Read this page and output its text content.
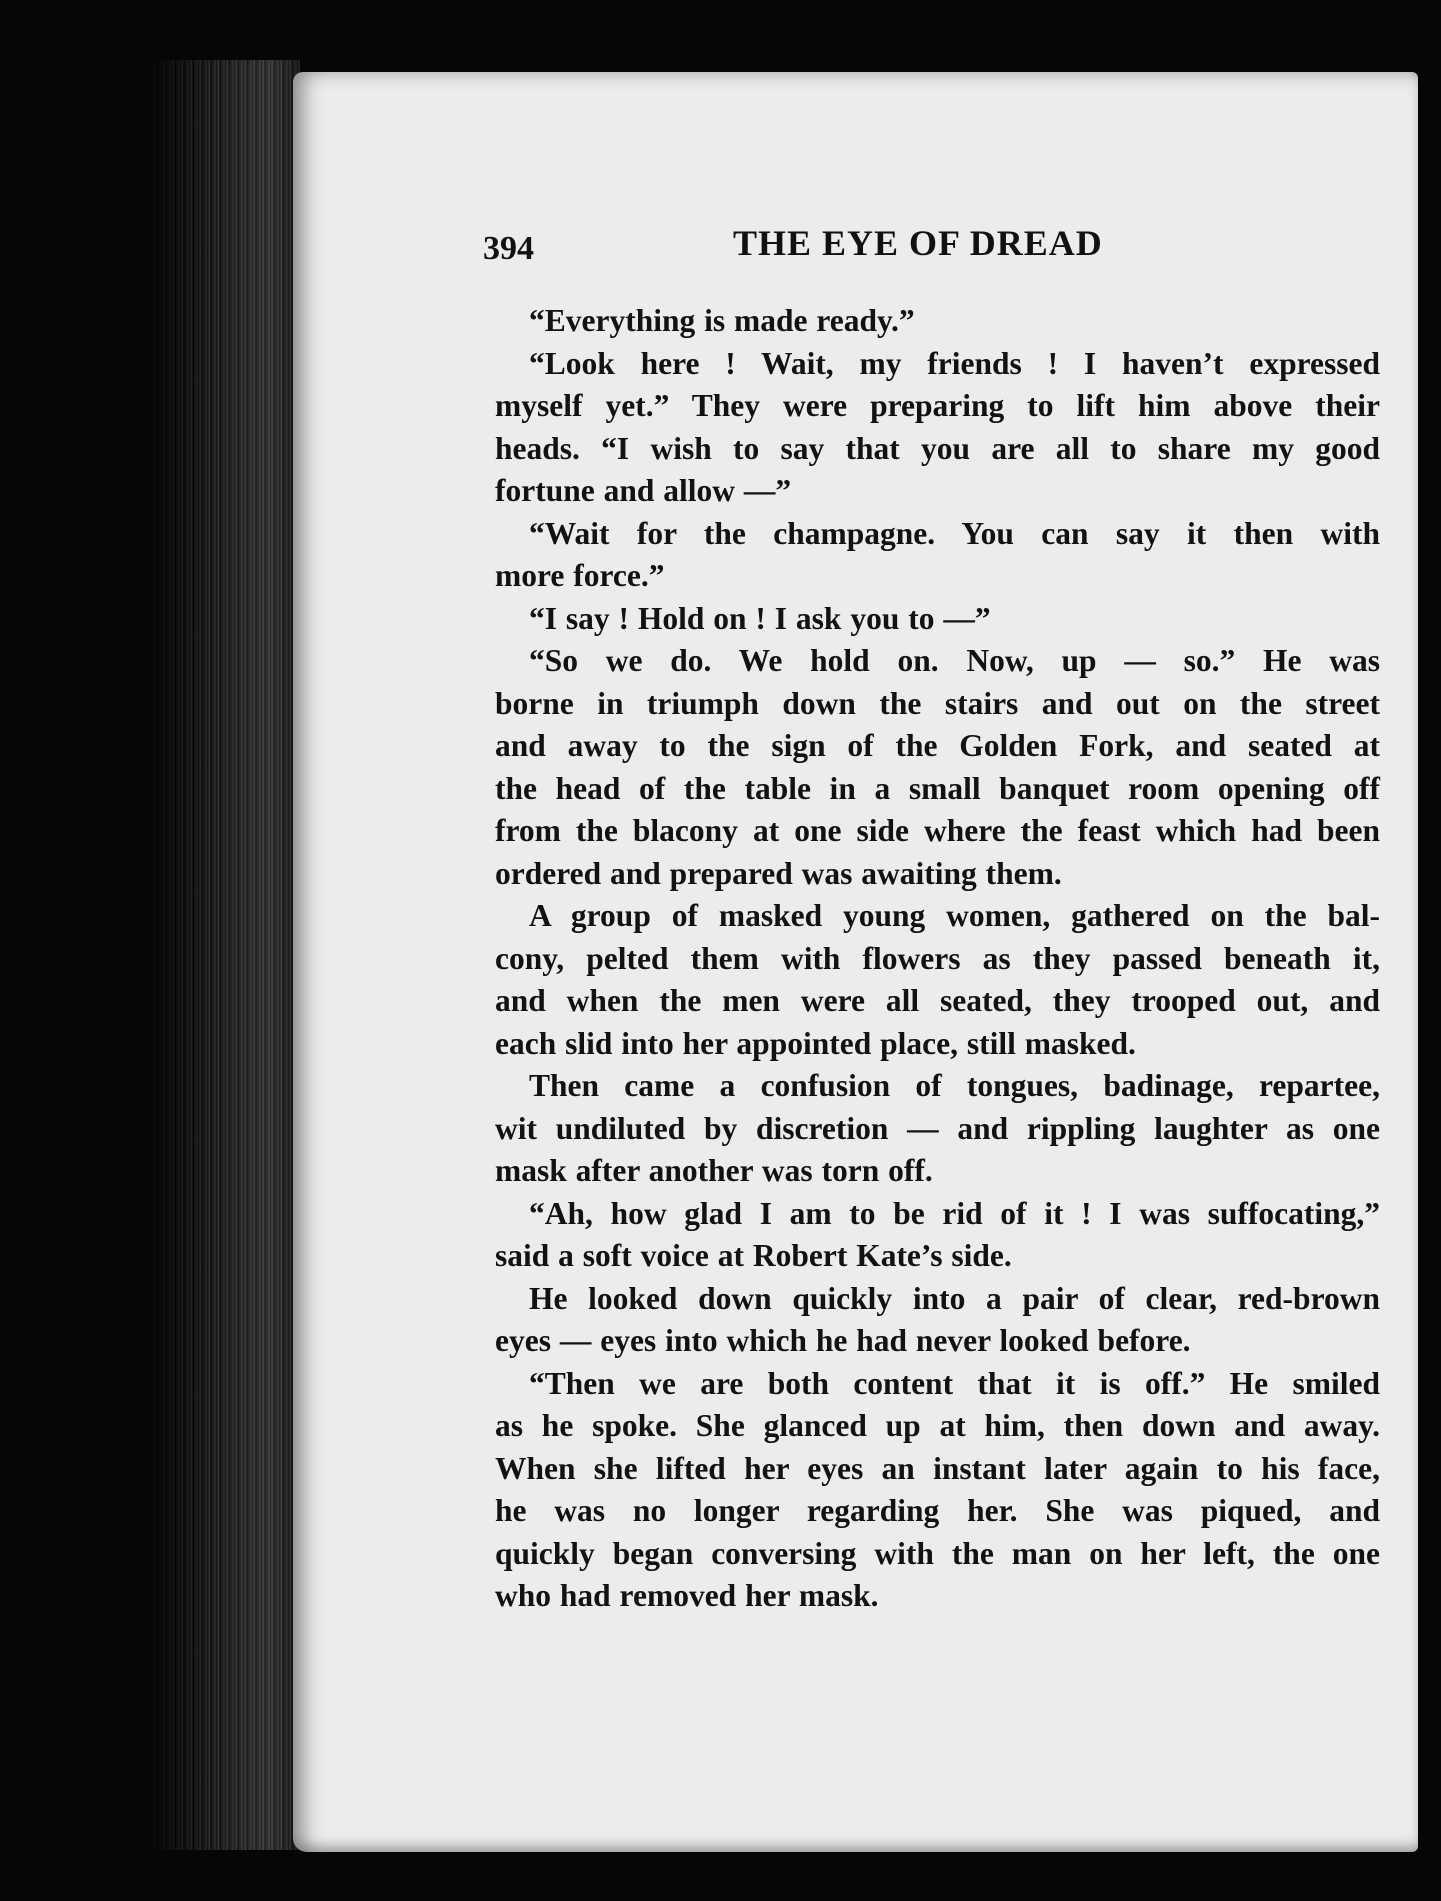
394	THE EYE OF DREAD
“Everything is made ready.”
“Look here ! Wait, my friends ! I haven’t expressed
myself yet.” They were preparing to lift him above their
heads. “I wish to say that you are all to share my good
fortune and allow —”
“Wait for the champagne. You can say it then with
more force.”
“I say ! Hold on ! I ask you to —”
“So we do. We hold on. Now, up — so.” He was
borne in triumph down the stairs and out on the street
and away to the sign of the Golden Fork, and seated at
the head of the table in a small banquet room opening off
from the blacony at one side where the feast which had been
ordered and prepared was awaiting them.
A group of masked young women, gathered on the bal-
cony, pelted them with flowers as they passed beneath it,
and when the men were all seated, they trooped out, and
each slid into her appointed place, still masked.
Then came a confusion of tongues, badinage, repartee,
wit undiluted by discretion — and rippling laughter as one
mask after another was torn off.
“Ah, how glad I am to be rid of it ! I was suffocating,”
said a soft voice at Robert Kate’s side.
He looked down quickly into a pair of clear, red-brown
eyes — eyes into which he had never looked before.
“Then we are both content that it is off.” He smiled
as he spoke. She glanced up at him, then down and away.
When she lifted her eyes an instant later again to his face,
he was no longer regarding her. She was piqued, and
quickly began conversing with the man on her left, the one
who had removed her mask.
